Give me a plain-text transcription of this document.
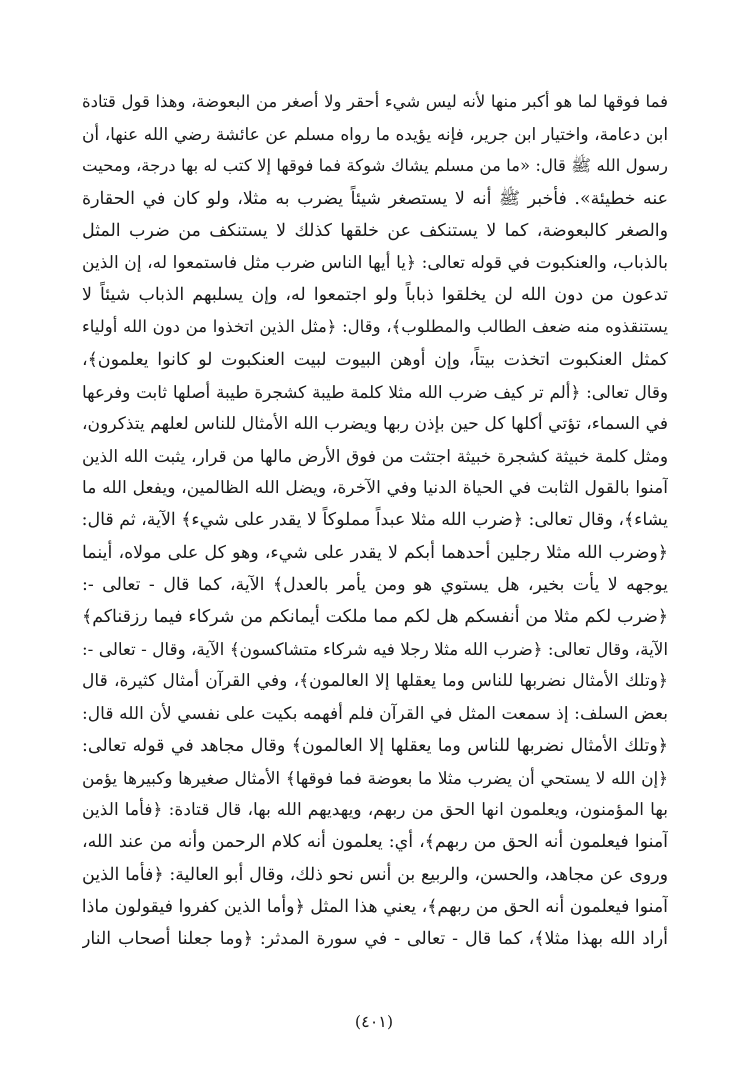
فما فوقها لما هو أكبر منها لأنه ليس شيء أحقر ولا أصغر من البعوضة، وهذا قول قتادة
ابن دعامة، واختيار ابن جرير، فإنه يؤيده ما رواه مسلم عن عائشة رضي الله عنها، أن
رسول الله ﷺ قال: «ما من مسلم يشاك شوكة فما فوقها إلا كتب له بها درجة، ومحيت
عنه خطيئة». فأخبر ﷺ أنه لا يستصغر شيئاً يضرب به مثلا، ولو كان في الحقارة
والصغر كالبعوضة، كما لا يستنكف عن خلقها كذلك لا يستنكف من ضرب المثل
بالذباب، والعنكبوت في قوله تعالى: ﴿يا أيها الناس ضرب مثل فاستمعوا له، إن الذين
تدعون من دون الله لن يخلقوا ذباباً ولو اجتمعوا له، وإن يسلبهم الذباب شيئاً لا
يستنقذوه منه ضعف الطالب والمطلوب﴾، وقال: ﴿مثل الذين اتخذوا من دون الله أولياء
كمثل العنكبوت اتخذت بيتاً، وإن أوهن البيوت لبيت العنكبوت لو كانوا يعلمون﴾،
وقال تعالى: ﴿ألم تر كيف ضرب الله مثلا كلمة طيبة كشجرة طيبة أصلها ثابت وفرعها
في السماء، تؤتي أكلها كل حين بإذن ربها ويضرب الله الأمثال للناس لعلهم يتذكرون،
ومثل كلمة خبيثة كشجرة خبيثة اجتثت من فوق الأرض مالها من قرار، يثبت الله الذين
آمنوا بالقول الثابت في الحياة الدنيا وفي الآخرة، ويضل الله الظالمين، ويفعل الله ما
يشاء﴾، وقال تعالى: ﴿ضرب الله مثلا عبداً مملوكاً لا يقدر على شيء﴾ الآية، ثم قال:
﴿وضرب الله مثلا رجلين أحدهما أبكم لا يقدر على شيء، وهو كل على مولاه، أينما
يوجهه لا يأت بخير، هل يستوي هو ومن يأمر بالعدل﴾ الآية، كما قال - تعالى -:
﴿ضرب لكم مثلا من أنفسكم هل لكم مما ملكت أيمانكم من شركاء فيما رزقناكم﴾
الآية، وقال تعالى: ﴿ضرب الله مثلا رجلا فيه شركاء متشاكسون﴾ الآية، وقال - تعالى -:
﴿وتلك الأمثال نضربها للناس وما يعقلها إلا العالمون﴾، وفي القرآن أمثال كثيرة، قال
بعض السلف: إذ سمعت المثل في القرآن فلم أفهمه بكيت على نفسي لأن الله قال:
﴿وتلك الأمثال نضربها للناس وما يعقلها إلا العالمون﴾ وقال مجاهد في قوله تعالى:
﴿إن الله لا يستحي أن يضرب مثلا ما بعوضة فما فوقها﴾ الأمثال صغيرها وكبيرها يؤمن
بها المؤمنون، ويعلمون انها الحق من ربهم، ويهديهم الله بها، قال قتادة: ﴿فأما الذين
آمنوا فيعلمون أنه الحق من ربهم﴾، أي: يعلمون أنه كلام الرحمن وأنه من عند الله،
وروى عن مجاهد، والحسن، والربيع بن أنس نحو ذلك، وقال أبو العالية: ﴿فأما الذين
آمنوا فيعلمون أنه الحق من ربهم﴾، يعني هذا المثل ﴿وأما الذين كفروا فيقولون ماذا
أراد الله بهذا مثلا﴾، كما قال - تعالى - في سورة المدثر: ﴿وما جعلنا أصحاب النار
(٤٠١)
